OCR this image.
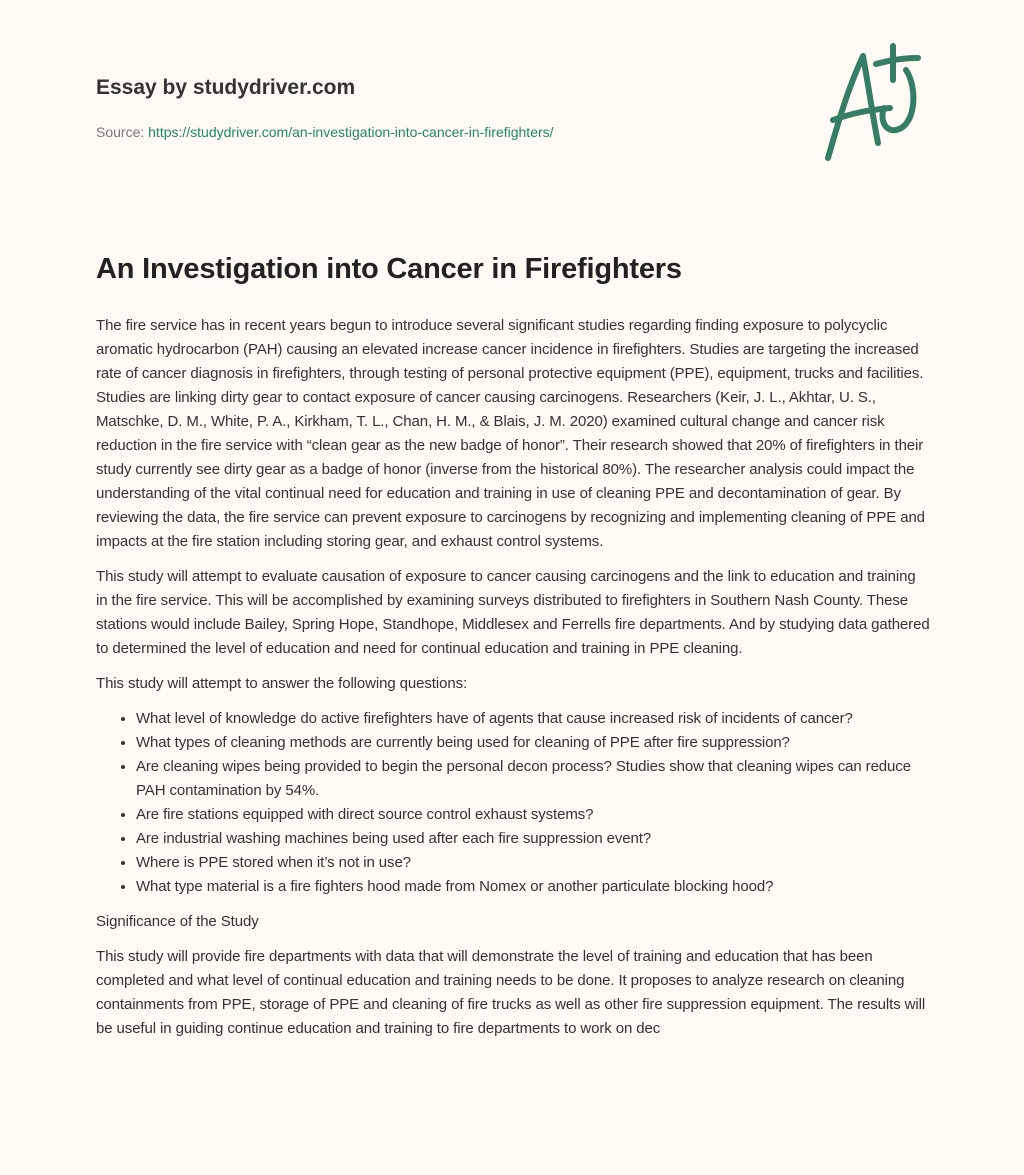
Essay by studydriver.com
Source: https://studydriver.com/an-investigation-into-cancer-in-firefighters/
An Investigation into Cancer in Firefighters

The fire service has in recent years begun to introduce several significant studies regarding finding exposure to polycyclic aromatic hydrocarbon (PAH) causing an elevated increase cancer incidence in firefighters. Studies are targeting the increased rate of cancer diagnosis in firefighters, through testing of personal protective equipment (PPE), equipment, trucks and facilities. Studies are linking dirty gear to contact exposure of cancer causing carcinogens. Researchers (Keir, J. L., Akhtar, U. S., Matschke, D. M., White, P. A., Kirkham, T. L., Chan, H. M., & Blais, J. M. 2020) examined cultural change and cancer risk reduction in the fire service with “clean gear as the new badge of honor”. Their research showed that 20% of firefighters in their study currently see dirty gear as a badge of honor (inverse from the historical 80%). The researcher analysis could impact the understanding of the vital continual need for education and training in use of cleaning PPE and decontamination of gear. By reviewing the data, the fire service can prevent exposure to carcinogens by recognizing and implementing cleaning of PPE and impacts at the fire station including storing gear, and exhaust control systems.

This study will attempt to evaluate causation of exposure to cancer causing carcinogens and the link to education and training in the fire service. This will be accomplished by examining surveys distributed to firefighters in Southern Nash County. These stations would include Bailey, Spring Hope, Standhope, Middlesex and Ferrells fire departments. And by studying data gathered to determined the level of education and need for continual education and training in PPE cleaning.

This study will attempt to answer the following questions:

• What level of knowledge do active firefighters have of agents that cause increased risk of incidents of cancer?
• What types of cleaning methods are currently being used for cleaning of PPE after fire suppression?
• Are cleaning wipes being provided to begin the personal decon process? Studies show that cleaning wipes can reduce PAH contamination by 54%.
• Are fire stations equipped with direct source control exhaust systems?
• Are industrial washing machines being used after each fire suppression event?
• Where is PPE stored when it’s not in use?
• What type material is a fire fighters hood made from Nomex or another particulate blocking hood?

Significance of the Study

This study will provide fire departments with data that will demonstrate the level of training and education that has been completed and what level of continual education and training needs to be done. It proposes to analyze research on cleaning containments from PPE, storage of PPE and cleaning of fire trucks as well as other fire suppression equipment. The results will be useful in guiding continue education and training to fire departments to work on dec
